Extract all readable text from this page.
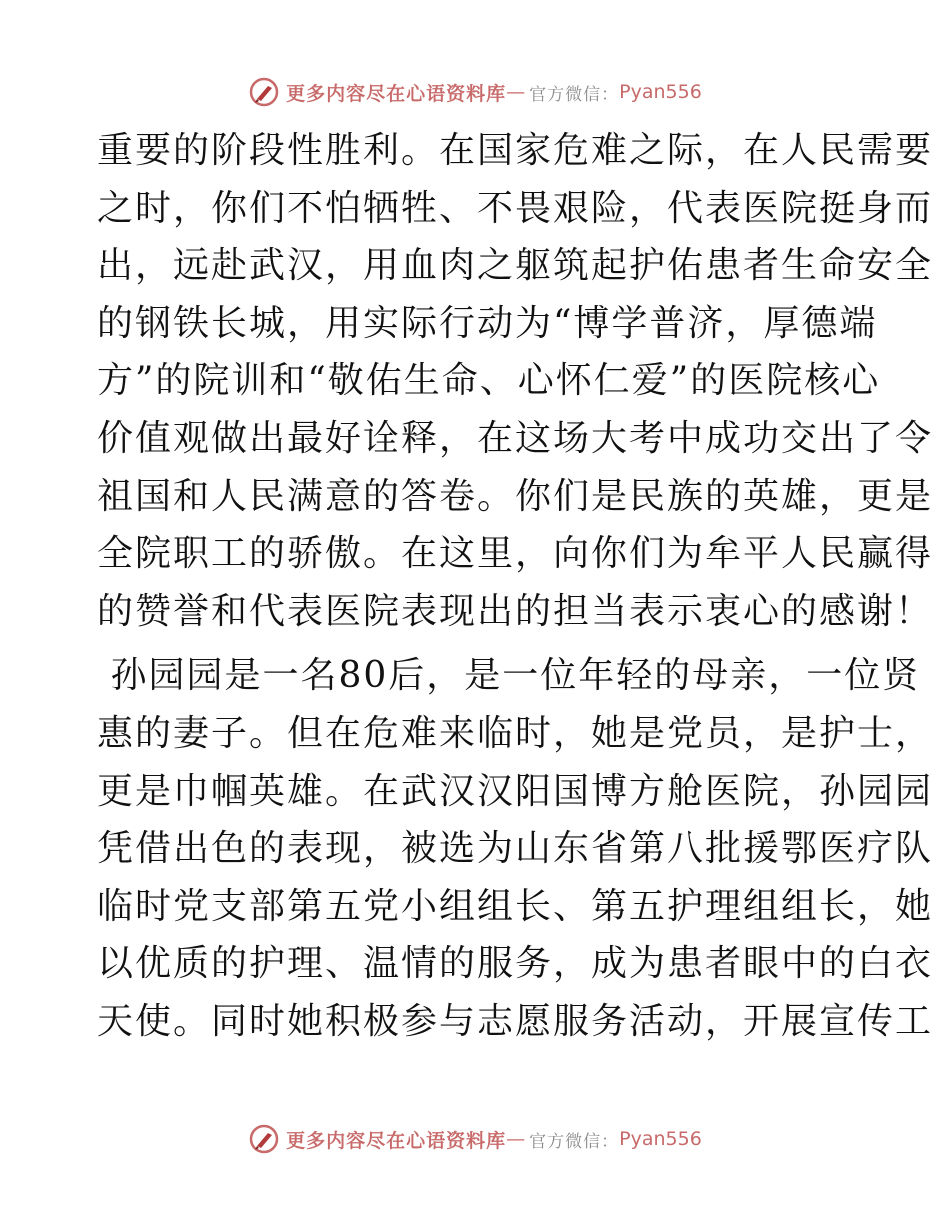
更多内容尽在心语资料库 — 官方微信： Pyan556
重要的阶段性胜利。在国家危难之际，在人民需要
之时，你们不怕牺牲、不畏艰险，代表医院挺身而
出，远赴武汉，用血肉之躯筑起护佑患者生命安全
的钢铁长城，用实际行动为“博学普济，厚德端
方”的院训和“敬佑生命、心怀仁爱”的医院核心
价值观做出最好诠释，在这场大考中成功交出了令
祖国和人民满意的答卷。你们是民族的英雄，更是
全院职工的骄傲。在这里，向你们为牟平人民赢得
的赞誉和代表医院表现出的担当表示衷心的感谢！
孙园园是一名80后，是一位年轻的母亲，一位贤
惠的妻子。但在危难来临时，她是党员，是护士，
更是巾帼英雄。在武汉汉阳国博方舱医院，孙园园
凭借出色的表现，被选为山东省第八批援鄂医疗队
临时党支部第五党小组组长、第五护理组组长，她
以优质的护理、温情的服务，成为患者眼中的白衣
天使。同时她积极参与志愿服务活动，开展宣传工
更多内容尽在心语资料库 — 官方微信： Pyan556
